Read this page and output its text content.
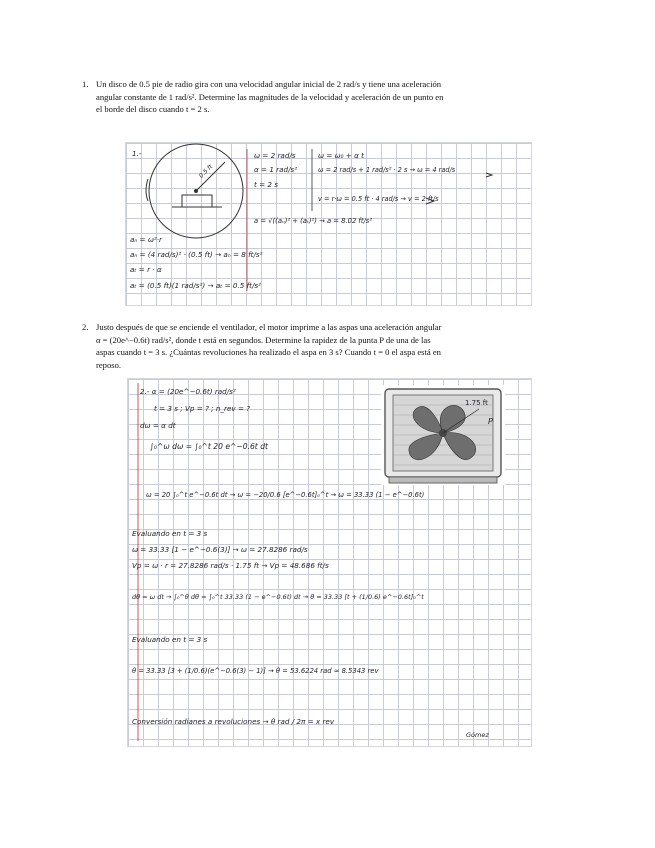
1. Un disco de 0.5 pie de radio gira con una velocidad angular inicial de 2 rad/s y tiene una aceleración

angular constante de 1 rad/s². Determine las magnitudes de la velocidad y aceleración de un punto en

el borde del disco cuando t = 2 s.

1.-
0.5 ft
ω = 2 rad/s
α = 1 rad/s²
t = 2 s
ω = ω₀ + α t
ω = 2 rad/s + 1 rad/s² · 2 s → ω = 4 rad/s
v = r·ω = 0.5 ft · 4 rad/s → v = 2 ft/s
a = √((aₙ)² + (aₜ)²) → a = 8.02 ft/s²
aₙ = ω²·r
aₙ = (4 rad/s)² · (0.5 ft) → aₙ = 8 ft/s²
aₜ = r · α
aₜ = (0.5 ft)(1 rad/s²) → aₜ = 0.5 ft/s²
2. Justo después de que se enciende el ventilador, el motor imprime a las aspas una aceleración angular

α = (20e^−0.6t) rad/s², donde t está en segundos. Determine la rapidez de la punta P de una de las

aspas cuando t = 3 s. ¿Cuántas revoluciones ha realizado el aspa en 3 s? Cuando t = 0 el aspa está en

reposo.

1.75 ft
P
2.- α = (20e^−0.6t) rad/s²
t = 3 s ; Vp = ? ; n_rev = ?
dω = α dt
∫₀^ω dω = ∫₀^t 20 e^−0.6t dt
ω = 20 ∫₀^t e^−0.6t dt → ω = −20/0.6 [e^−0.6t]₀^t → ω = 33.33 (1 − e^−0.6t)
Evaluando en t = 3 s
ω = 33.33 [1 − e^−0.6(3)] → ω = 27.8286 rad/s
Vp = ω · r = 27.8286 rad/s · 1.75 ft → Vp = 48.686 ft/s
dθ = ω dt → ∫₀^θ dθ = ∫₀^t 33.33 (1 − e^−0.6t) dt → θ = 33.33 [t + (1/0.6) e^−0.6t]₀^t
Evaluando en t = 3 s
θ = 33.33 [3 + (1/0.6)(e^−0.6(3) − 1)] → θ = 53.6224 rad ≈ 8.5343 rev
Conversión radianes a revoluciones → θ rad / 2π = x rev
Gómez
